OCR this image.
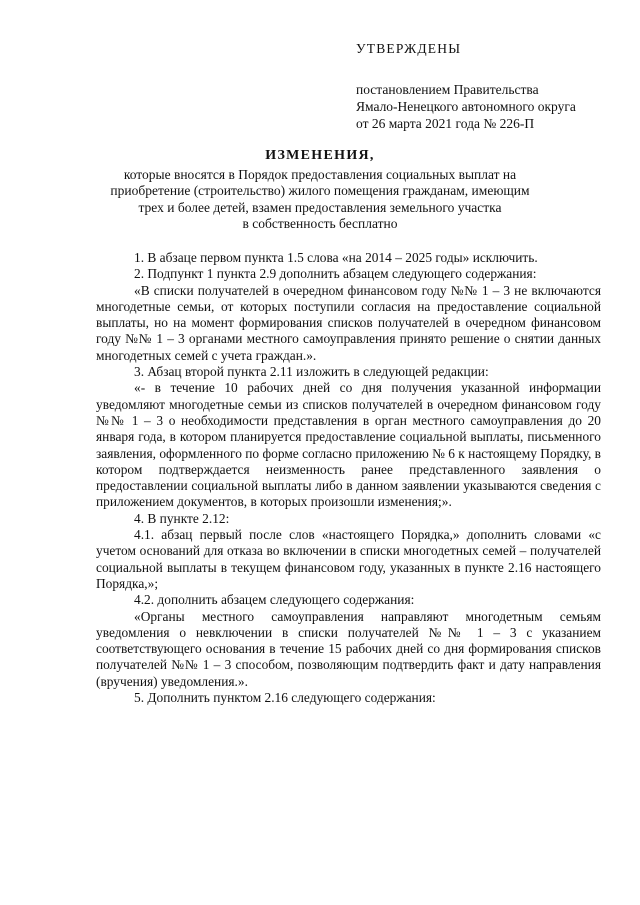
УТВЕРЖДЕНЫ
постановлением Правительства
Ямало-Ненецкого автономного округа
от 26 марта 2021 года № 226-П
ИЗМЕНЕНИЯ,
которые вносятся в Порядок предоставления социальных выплат на
приобретение (строительство) жилого помещения гражданам, имеющим
трех и более детей, взамен предоставления земельного участка
в собственность бесплатно

1. В абзаце первом пункта 1.5 слова «на 2014 – 2025 годы» исключить.

2. Подпункт 1 пункта 2.9 дополнить абзацем следующего содержания:

«В списки получателей в очередном финансовом году №№ 1 – 3 не включаются многодетные семьи, от которых поступили согласия на предоставление социальной выплаты, но на момент формирования списков получателей в очередном финансовом году №№ 1 – 3 органами местного самоуправления принято решение о снятии данных многодетных семей с учета граждан.».

3. Абзац второй пункта 2.11 изложить в следующей редакции:

«- в течение 10 рабочих дней со дня получения указанной информации уведомляют многодетные семьи из списков получателей в очередном финансовом году №№ 1 – 3 о необходимости представления в орган местного самоуправления до 20 января года, в котором планируется предоставление социальной выплаты, письменного заявления, оформленного по форме согласно приложению № 6 к настоящему Порядку, в котором подтверждается неизменность ранее представленного заявления о предоставлении социальной выплаты либо в данном заявлении указываются сведения с приложением документов, в которых произошли изменения;».

4. В пункте 2.12:

4.1. абзац первый после слов «настоящего Порядка,» дополнить словами «с учетом оснований для отказа во включении в списки многодетных семей – получателей социальной выплаты в текущем финансовом году, указанных в пункте 2.16 настоящего Порядка,»;

4.2. дополнить абзацем следующего содержания:

«Органы местного самоуправления направляют многодетным семьям уведомления о невключении в списки получателей №№ 1 – 3 с указанием соответствующего основания в течение 15 рабочих дней со дня формирования списков получателей №№ 1 – 3 способом, позволяющим подтвердить факт и дату направления (вручения) уведомления.».

5. Дополнить пунктом 2.16 следующего содержания:
